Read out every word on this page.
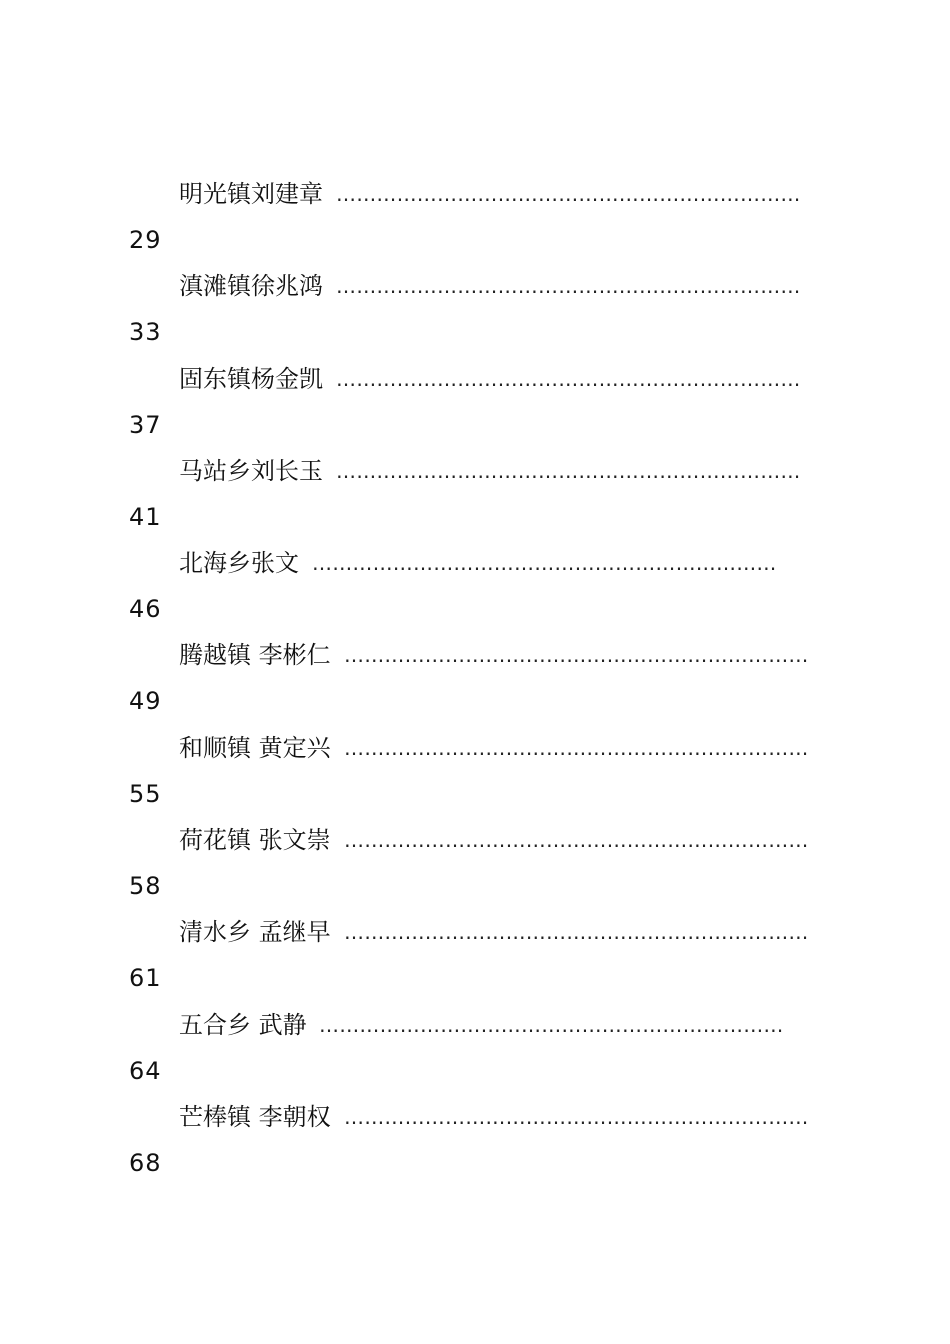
明光镇刘建章 ……………………………………………………………
29
滇滩镇徐兆鸿 ……………………………………………………………
33
固东镇杨金凯 ……………………………………………………………
37
马站乡刘长玉 ……………………………………………………………
41
北海乡张文 ……………………………………………………………
46
腾越镇 李彬仁 ……………………………………………………………
49
和顺镇 黄定兴 ……………………………………………………………
55
荷花镇 张文崇 ……………………………………………………………
58
清水乡 孟继早 ……………………………………………………………
61
五合乡 武静 ……………………………………………………………
64
芒棒镇 李朝权 ……………………………………………………………
68
